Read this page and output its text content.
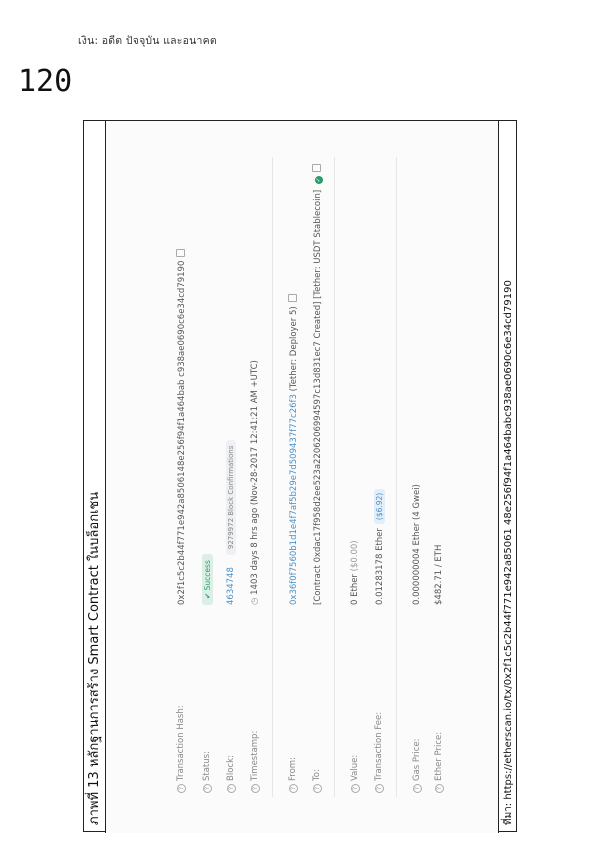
เงิน: อดีต ปัจจุบัน และอนาคต
120
ภาพที่ 13 หลักฐานการสร้าง Smart Contract ในบล็อกเชน	?Transaction Hash:
0x2f1c5c2b44f771e942a8506148e256f94f1a464bab c938ae0690c6e34cd79190
?Status:
✔ Success
?Block:
46347489279972 Block Confirmations
?Timestamp:
◷ 1403 days 8 hrs ago (Nov-28-2017 12:41:21 AM +UTC)
?From:
0x36f0f7560b1d1e4f7af5b29e7d509437f77c26f3 (Tether: Deployer 5)
?To:
[Contract 0xdac17f958d2ee523a2206206994597c13d831ec7 Created] [Tether: USDT Stablecoin]✓
?Value:
0 Ether ($0.00)
?Transaction Fee:
0.01283178 Ether($6.92)
?Gas Price:
0.000000004 Ether (4 Gwei)
?Ether Price:
$482.71 / ETH	ที่มา: https://etherscan.io/tx/0x2f1c5c2b44f771e942a85061 48e256f94f1a464babc938ae0690c6e34cd79190
